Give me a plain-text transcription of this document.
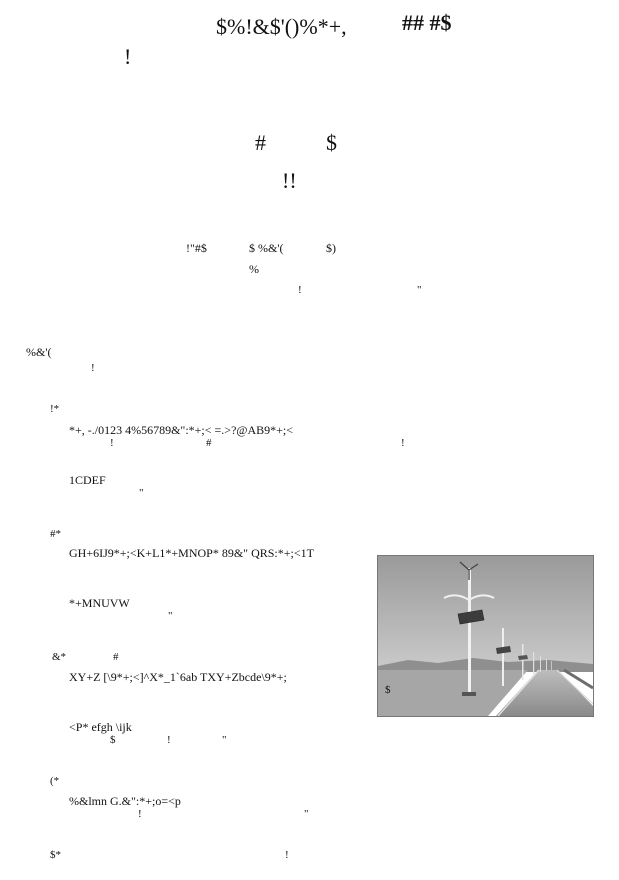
$%!&$'()%*+,	## #$
!
#	$
!!
!"#$	$ %&'(	$)
%
!	"
%&'(
!
!*
*+, -./0123 4%56789&":*+;< =.>?@AB9*+;<
!	#	!
1CDEF
"
#*
GH+6IJ9*+;<K+L1*+MNOP* 89&" QRS:*+;<1T
*+MNUVW
"
&*	#
XY+Z [\9*+;<]^X*_1`6ab TXY+Zbcde\9*+;
$
<P* efgh \ijk
$	!	"
(*
%&lmn G.&":*+;o=<p
!	"
$*	!
